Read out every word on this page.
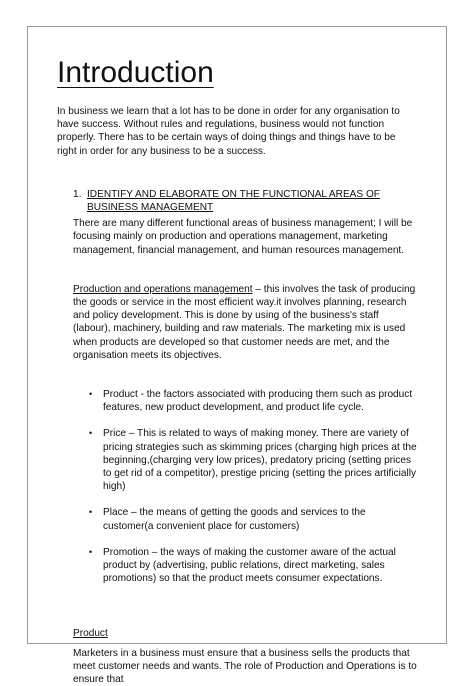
Introduction

In business we learn that a lot has to be done in order for any organisation to have success. Without rules and regulations, business would not function properly. There has to be certain ways of doing things and things have to be right in order for any business to be a success.

1. IDENTIFY AND ELABORATE ON THE FUNCTIONAL AREAS OF BUSINESS MANAGEMENT

There are many different functional areas of business management; I will be focusing mainly on production and operations management, marketing management, financial management, and human resources management.

Production and operations management – this involves the task of producing the goods or service in the most efficient way.it involves planning, research and policy development. This is done by using of the business's staff (labour), machinery, building and raw materials. The marketing mix is used when products are developed so that customer needs are met, and the organisation meets its objectives.

•	Product - the factors associated with producing them such as product features, new product development, and product life cycle.
•	Price – This is related to ways of making money. There are variety of pricing strategies such as skimming prices (charging high prices at the beginning,(charging very low prices), predatory pricing (setting prices to get rid of a competitor), prestige pricing (setting the prices artificially high)
•	Place – the means of getting the goods and services to the customer(a convenient place for customers)
•	Promotion – the ways of making the customer aware of the actual product by (advertising, public relations, direct marketing, sales promotions) so that the product meets consumer expectations.

Product

Marketers in a business must ensure that a business sells the products that meet customer needs and wants. The role of Production and Operations is to ensure that
